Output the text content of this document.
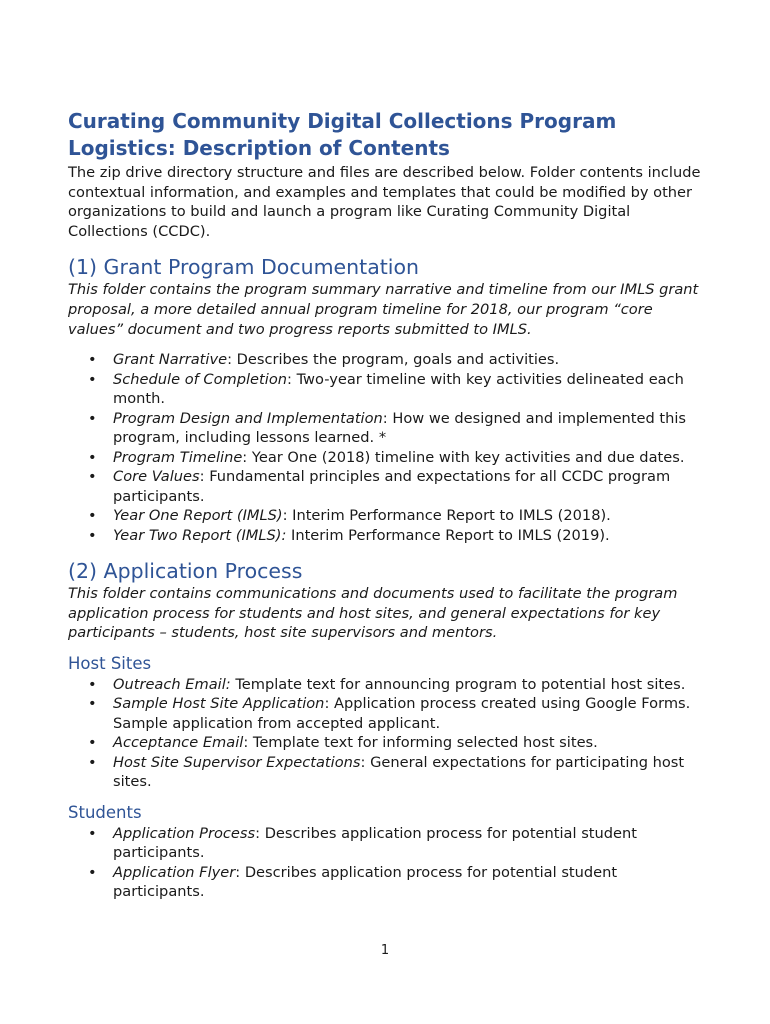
Curating Community Digital Collections Program Logistics: Description of Contents

The zip drive directory structure and files are described below. Folder contents include contextual information, and examples and templates that could be modified by other organizations to build and launch a program like Curating Community Digital Collections (CCDC).

(1) Grant Program Documentation

This folder contains the program summary narrative and timeline from our IMLS grant proposal, a more detailed annual program timeline for 2018, our program “core values” document and two progress reports submitted to IMLS.

• Grant Narrative: Describes the program, goals and activities.
• Schedule of Completion: Two-year timeline with key activities delineated each month.
• Program Design and Implementation: How we designed and implemented this program, including lessons learned. *
• Program Timeline: Year One (2018) timeline with key activities and due dates.
• Core Values: Fundamental principles and expectations for all CCDC program participants.
• Year One Report (IMLS): Interim Performance Report to IMLS (2018).
• Year Two Report (IMLS): Interim Performance Report to IMLS (2019).
(2) Application Process

This folder contains communications and documents used to facilitate the program application process for students and host sites, and general expectations for key participants – students, host site supervisors and mentors.

Host Sites
• Outreach Email: Template text for announcing program to potential host sites.
• Sample Host Site Application: Application process created using Google Forms. Sample application from accepted applicant.
• Acceptance Email: Template text for informing selected host sites.
• Host Site Supervisor Expectations: General expectations for participating host sites.
Students
• Application Process: Describes application process for potential student participants.
• Application Flyer: Describes application process for potential student participants.
1
